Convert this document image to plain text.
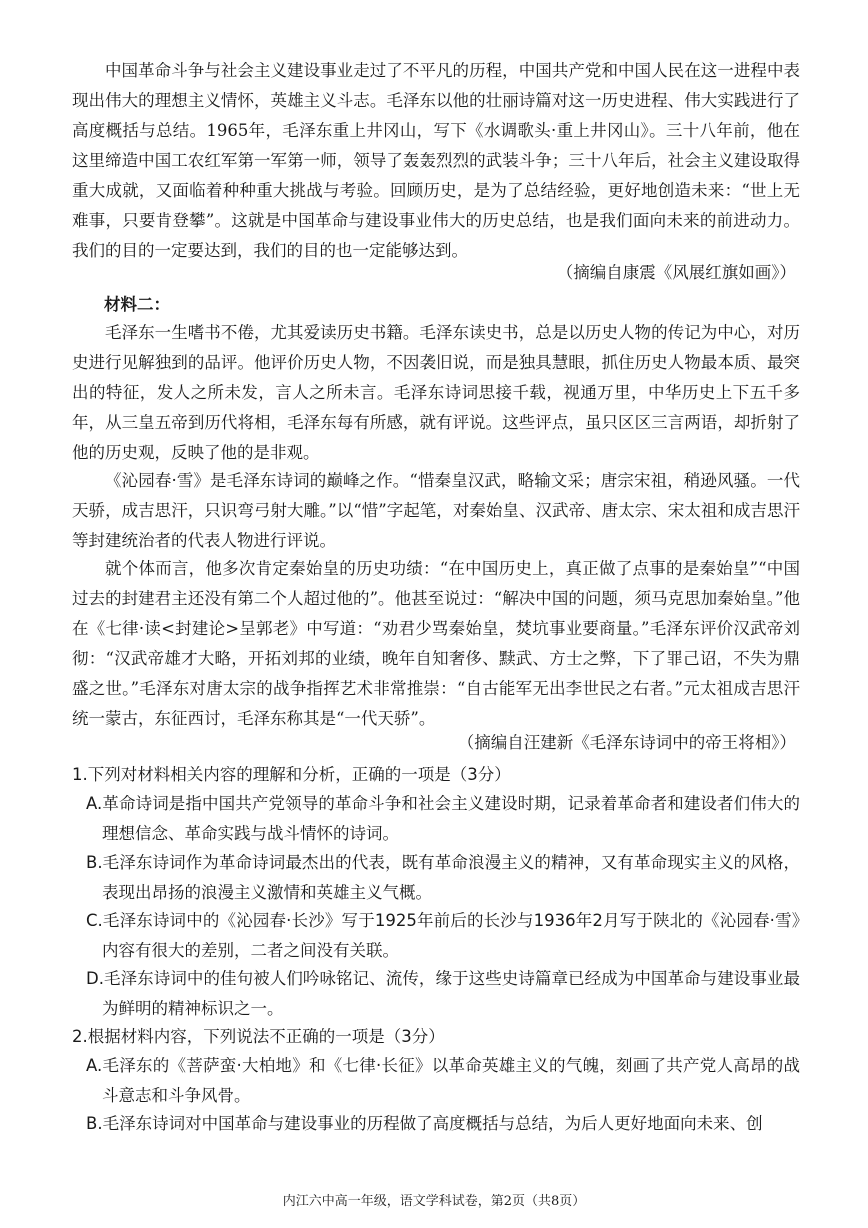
中国革命斗争与社会主义建设事业走过了不平凡的历程，中国共产党和中国人民在这一进程中表现出伟大的理想主义情怀，英雄主义斗志。毛泽东以他的壮丽诗篇对这一历史进程、伟大实践进行了高度概括与总结。1965年，毛泽东重上井冈山，写下《水调歌头·重上井冈山》。三十八年前，他在这里缔造中国工农红军第一军第一师，领导了轰轰烈烈的武装斗争；三十八年后，社会主义建设取得重大成就，又面临着种种重大挑战与考验。回顾历史，是为了总结经验，更好地创造未来：“世上无难事，只要肯登攀”。这就是中国革命与建设事业伟大的历史总结，也是我们面向未来的前进动力。我们的目的一定要达到，我们的目的也一定能够达到。

（摘编自康震《风展红旗如画》）

材料二：

毛泽东一生嗜书不倦，尤其爱读历史书籍。毛泽东读史书，总是以历史人物的传记为中心，对历史进行见解独到的品评。他评价历史人物，不因袭旧说，而是独具慧眼，抓住历史人物最本质、最突出的特征，发人之所未发，言人之所未言。毛泽东诗词思接千载，视通万里，中华历史上下五千多年，从三皇五帝到历代将相，毛泽东每有所感，就有评说。这些评点，虽只区区三言两语，却折射了他的历史观，反映了他的是非观。

《沁园春·雪》是毛泽东诗词的巅峰之作。“惜秦皇汉武，略输文采；唐宗宋祖，稍逊风骚。一代天骄，成吉思汗，只识弯弓射大雕。”以“惜”字起笔，对秦始皇、汉武帝、唐太宗、宋太祖和成吉思汗等封建统治者的代表人物进行评说。

就个体而言，他多次肯定秦始皇的历史功绩：“在中国历史上，真正做了点事的是秦始皇”“中国过去的封建君主还没有第二个人超过他的”。他甚至说过：“解决中国的问题，须马克思加秦始皇。”他在《七律·读<封建论>呈郭老》中写道：“劝君少骂秦始皇，焚坑事业要商量。”毛泽东评价汉武帝刘彻：“汉武帝雄才大略，开拓刘邦的业绩，晚年自知奢侈、黩武、方士之弊，下了罪己诏，不失为鼎盛之世。”毛泽东对唐太宗的战争指挥艺术非常推崇：“自古能军无出李世民之右者。”元太祖成吉思汗统一蒙古，东征西讨，毛泽东称其是“一代天骄”。

（摘编自汪建新《毛泽东诗词中的帝王将相》）

1.下列对材料相关内容的理解和分析，正确的一项是（3分）

A.革命诗词是指中国共产党领导的革命斗争和社会主义建设时期，记录着革命者和建设者们伟大的理想信念、革命实践与战斗情怀的诗词。

B.毛泽东诗词作为革命诗词最杰出的代表，既有革命浪漫主义的精神，又有革命现实主义的风格，表现出昂扬的浪漫主义激情和英雄主义气概。

C.毛泽东诗词中的《沁园春·长沙》写于1925年前后的长沙与1936年2月写于陕北的《沁园春·雪》内容有很大的差别，二者之间没有关联。

D.毛泽东诗词中的佳句被人们吟咏铭记、流传，缘于这些史诗篇章已经成为中国革命与建设事业最为鲜明的精神标识之一。

2.根据材料内容，下列说法不正确的一项是（3分）

A.毛泽东的《菩萨蛮·大柏地》和《七律·长征》以革命英雄主义的气魄，刻画了共产党人高昂的战斗意志和斗争风骨。

B.毛泽东诗词对中国革命与建设事业的历程做了高度概括与总结，为后人更好地面向未来、创

内江六中高一年级，语文学科试卷，第2页（共8页）
